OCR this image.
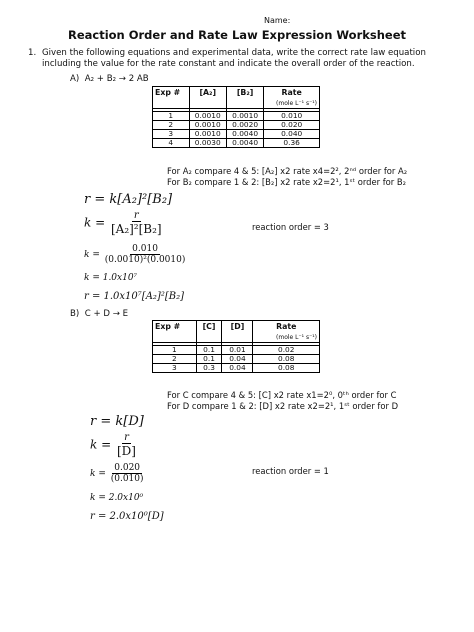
Name:
Reaction Order and Rate Law Expression Worksheet
1. Given the following equations and experimental data, write the correct rate law equation including the value for the rate constant and indicate the overall order of the reaction.
A) A₂ + B₂ → 2 AB
Exp #	[A₂]	[B₂]	Rate
			(mole L⁻¹ s⁻¹)

1	0.0010	0.0010	0.010
2	0.0010	0.0020	0.020
3	0.0010	0.0040	0.040
4	0.0030	0.0040	0.36
For A₂ compare 4 & 5: [A₂] x2 rate x4=2², 2ⁿᵈ order for A₂
For B₂ compare 1 & 2: [B₂] x2 rate x2=2¹, 1ˢᵗ order for B₂
r = k[A₂]²[B₂]
$k = \frac{r}{\text{[A₂]²[B₂]}}$	reaction order = 3
$k = \frac{0.010}{\text{(0.0010)²(0.0010)}}$
k = 1.0x10⁷
r = 1.0x10⁷[A₂]²[B₂]
B) C + D → E
Exp #	[C]	[D]	Rate
			(mole L⁻¹ s⁻¹)

1	0.1	0.01	0.02
2	0.1	0.04	0.08
3	0.3	0.04	0.08
For C compare 4 & 5: [C] x2 rate x1=2⁰, 0ᵗʰ order for C
For D compare 1 & 2: [D] x2 rate x2=2¹, 1ˢᵗ order for D
r = k[D]
$k = \frac{r}{[D]}$
$k = \frac{0.020}{(0.010)}$	reaction order = 1
k = 2.0x10⁰
r = 2.0x10⁰[D]
